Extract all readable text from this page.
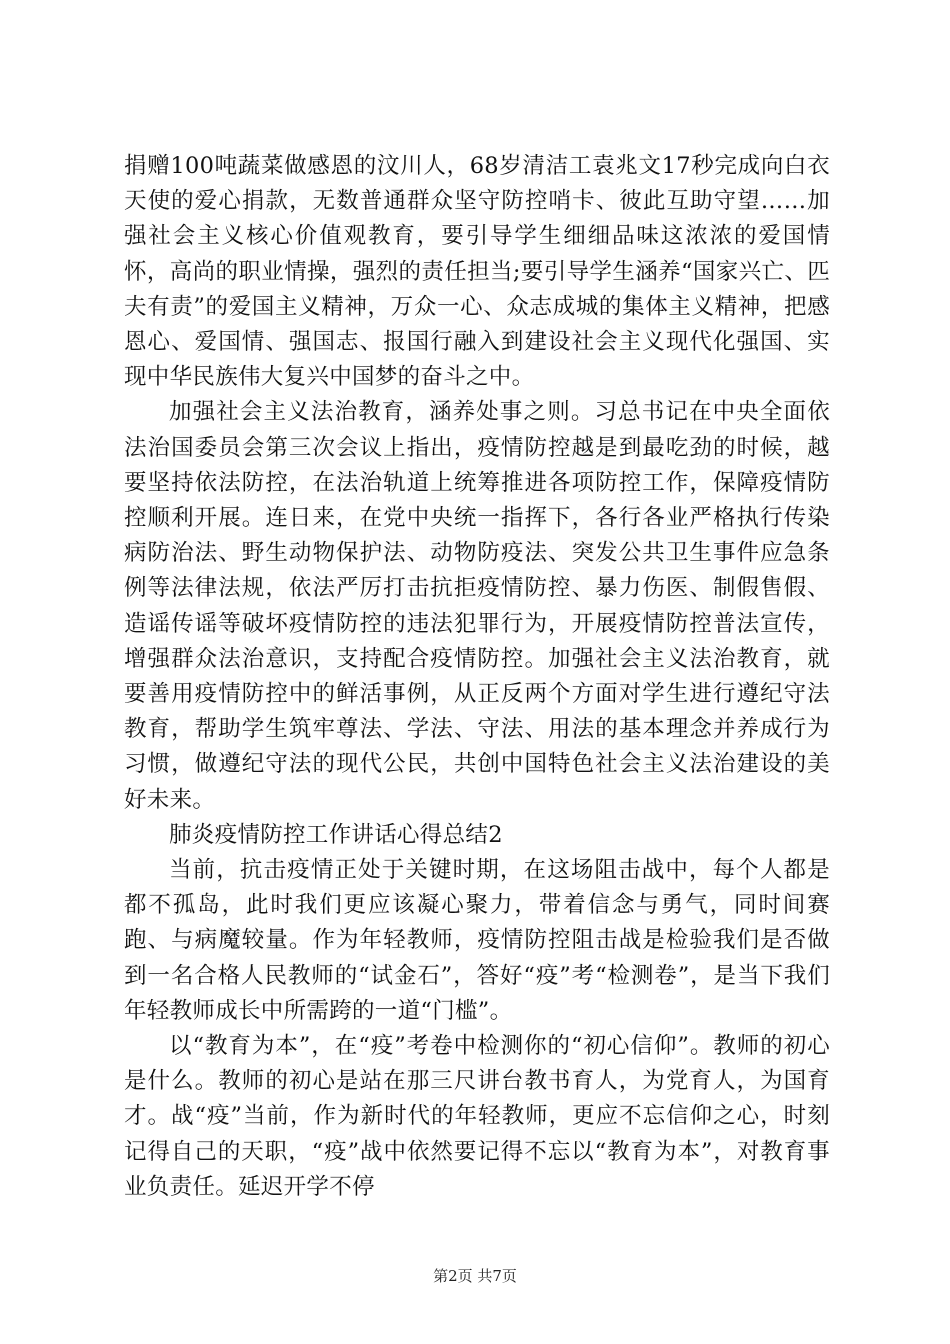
捐赠100吨蔬菜做感恩的汶川人，68岁清洁工袁兆文17秒完成向白衣天使的爱心捐款，无数普通群众坚守防控哨卡、彼此互助守望……加强社会主义核心价值观教育，要引导学生细细品味这浓浓的爱国情怀，高尚的职业情操，强烈的责任担当;要引导学生涵养“国家兴亡、匹夫有责”的爱国主义精神，万众一心、众志成城的集体主义精神，把感恩心、爱国情、强国志、报国行融入到建设社会主义现代化强国、实现中华民族伟大复兴中国梦的奋斗之中。

加强社会主义法治教育，涵养处事之则。习总书记在中央全面依法治国委员会第三次会议上指出，疫情防控越是到最吃劲的时候，越要坚持依法防控，在法治轨道上统筹推进各项防控工作，保障疫情防控顺利开展。连日来，在党中央统一指挥下，各行各业严格执行传染病防治法、野生动物保护法、动物防疫法、突发公共卫生事件应急条例等法律法规，依法严厉打击抗拒疫情防控、暴力伤医、制假售假、造谣传谣等破坏疫情防控的违法犯罪行为，开展疫情防控普法宣传，增强群众法治意识，支持配合疫情防控。加强社会主义法治教育，就要善用疫情防控中的鲜活事例，从正反两个方面对学生进行遵纪守法教育，帮助学生筑牢尊法、学法、守法、用法的基本理念并养成行为习惯，做遵纪守法的现代公民，共创中国特色社会主义法治建设的美好未来。

肺炎疫情防控工作讲话心得总结2

当前，抗击疫情正处于关键时期，在这场阻击战中，每个人都是都不孤岛，此时我们更应该凝心聚力，带着信念与勇气，同时间赛跑、与病魔较量。作为年轻教师，疫情防控阻击战是检验我们是否做到一名合格人民教师的“试金石”，答好“疫”考“检测卷”，是当下我们年轻教师成长中所需跨的一道“门槛”。

以“教育为本”，在“疫”考卷中检测你的“初心信仰”。教师的初心是什么。教师的初心是站在那三尺讲台教书育人，为党育人，为国育才。战“疫”当前，作为新时代的年轻教师，更应不忘信仰之心，时刻记得自己的天职，“疫”战中依然要记得不忘以“教育为本”，对教育事业负责任。延迟开学不停

第2页 共7页
